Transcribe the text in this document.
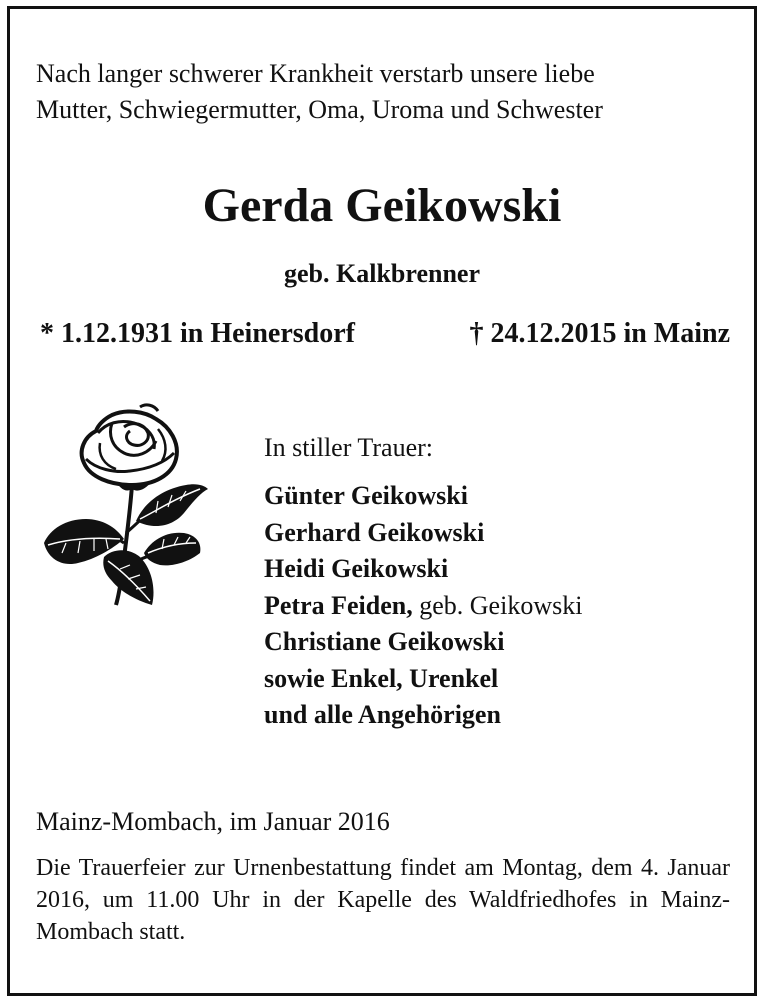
Nach langer schwerer Krankheit verstarb unsere liebe
Mutter, Schwiegermutter, Oma, Uroma und Schwester
Gerda Geikowski
geb. Kalkbrenner
* 1.12.1931 in Heinersdorf	† 24.12.2015 in Mainz
In stiller Trauer:
Günter Geikowski
Gerhard Geikowski
Heidi Geikowski
Petra Feiden, geb. Geikowski
Christiane Geikowski
sowie Enkel, Urenkel
und alle Angehörigen
Mainz-Mombach, im Januar 2016
Die Trauerfeier zur Urnenbestattung findet am Montag, dem 4. Januar 2016, um 11.00 Uhr in der Kapelle des Waldfriedhofes in Mainz-Mombach statt.
